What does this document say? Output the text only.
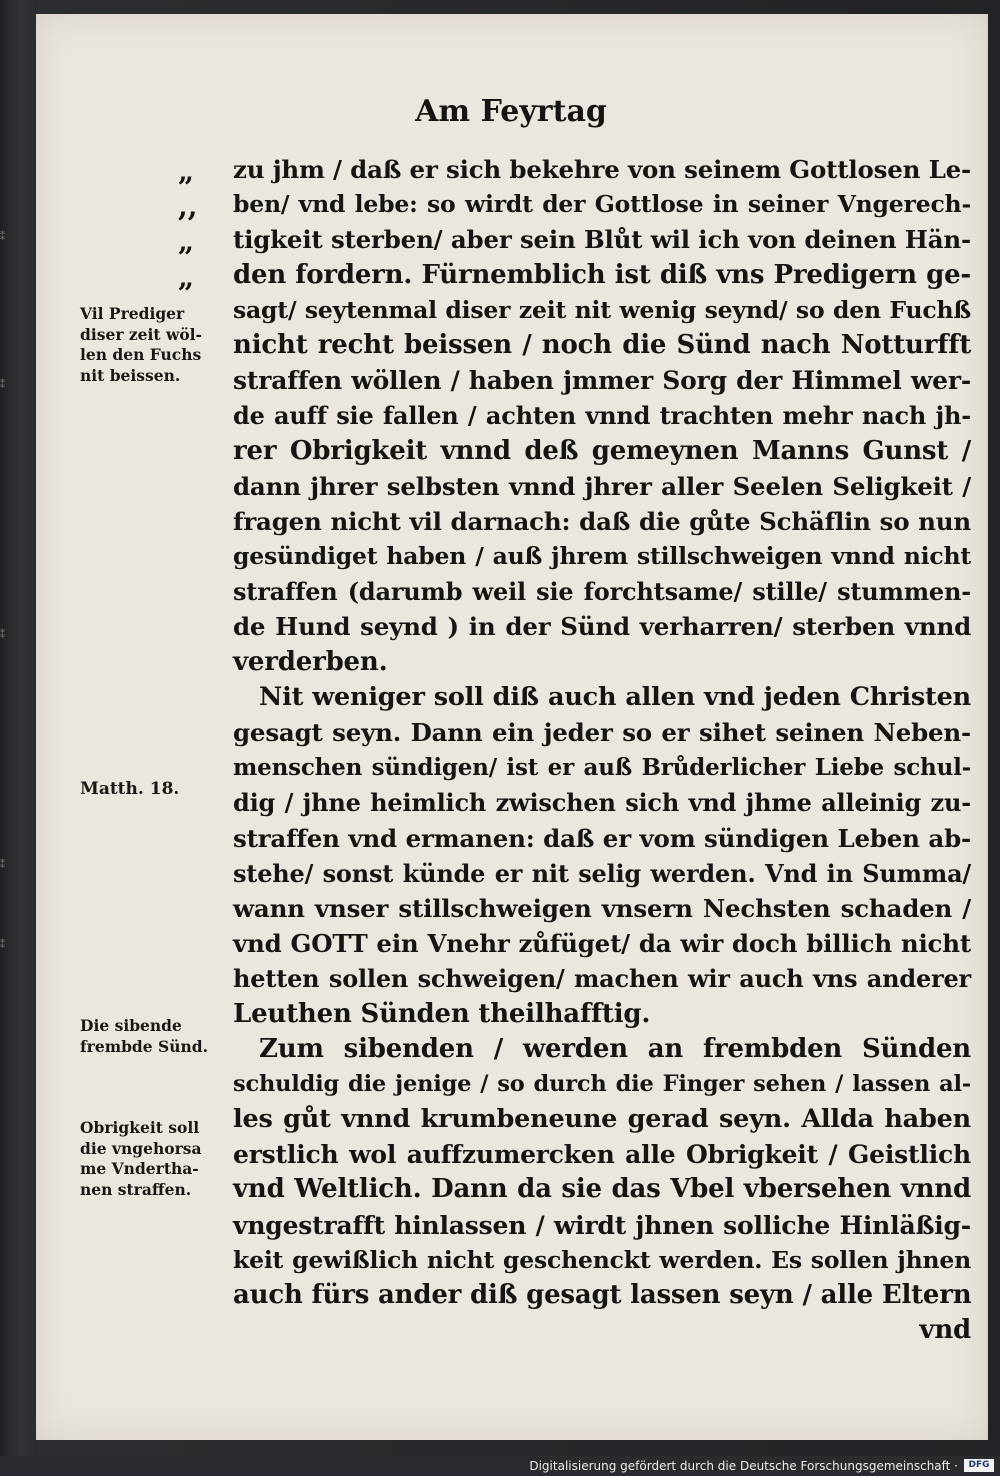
⁑
⁑
⁑
⁑
⁑
Am Feyrtag
„
,,
„
„
zu jhm / daß er sich bekehre von seinem Gottlosen Le-
ben/ vnd lebe: so wirdt der Gottlose in seiner Vngerech-
tigkeit sterben/ aber sein Blůt wil ich von deinen Hän-
den fordern. Fürnemblich ist diß vns Predigern ge-
sagt/ seytenmal diser zeit nit wenig seynd/ so den Fuchß
nicht recht beissen / noch die Sünd nach Notturfft
straffen wöllen / haben jmmer Sorg der Himmel wer-
de auff sie fallen / achten vnnd trachten mehr nach jh-
rer Obrigkeit vnnd deß gemeynen Manns Gunst /
dann jhrer selbsten vnnd jhrer aller Seelen Seligkeit /
fragen nicht vil darnach: daß die gůte Schäflin so nun
gesündiget haben / auß jhrem stillschweigen vnnd nicht
straffen (darumb weil sie forchtsame/ stille/ stummen-
de Hund seynd ) in der Sünd verharren/ sterben vnnd
verderben.
Nit weniger soll diß auch allen vnd jeden Christen
gesagt seyn. Dann ein jeder so er sihet seinen Neben-
menschen sündigen/ ist er auß Brůderlicher Liebe schul-
dig / jhne heimlich zwischen sich vnd jhme alleinig zu-
straffen vnd ermanen: daß er vom sündigen Leben ab-
stehe/ sonst künde er nit selig werden. Vnd in Summa/
wann vnser stillschweigen vnsern Nechsten schaden /
vnd GOTT ein Vnehr zůfüget/ da wir doch billich nicht
hetten sollen schweigen/ machen wir auch vns anderer
Leuthen Sünden theilhafftig.
Zum sibenden / werden an frembden Sünden
schuldig die jenige / so durch die Finger sehen / lassen al-
les gůt vnnd krumbeneune gerad seyn. Allda haben
erstlich wol auffzumercken alle Obrigkeit / Geistlich
vnd Weltlich. Dann da sie das Vbel vbersehen vnnd
vngestrafft hinlassen / wirdt jhnen solliche Hinläßig-
keit gewißlich nicht geschenckt werden. Es sollen jhnen
auch fürs ander diß gesagt lassen seyn / alle Eltern
vnd
Vil Prediger
diser zeit wöl-
len den Fuchs
nit beissen.
Matth. 18.
Die sibende
frembde Sünd.
Obrigkeit soll
die vngehorsa
me Vndertha-
nen straffen.
Digitalisierung gefördert durch die Deutsche Forschungsgemeinschaft ·	DFG
